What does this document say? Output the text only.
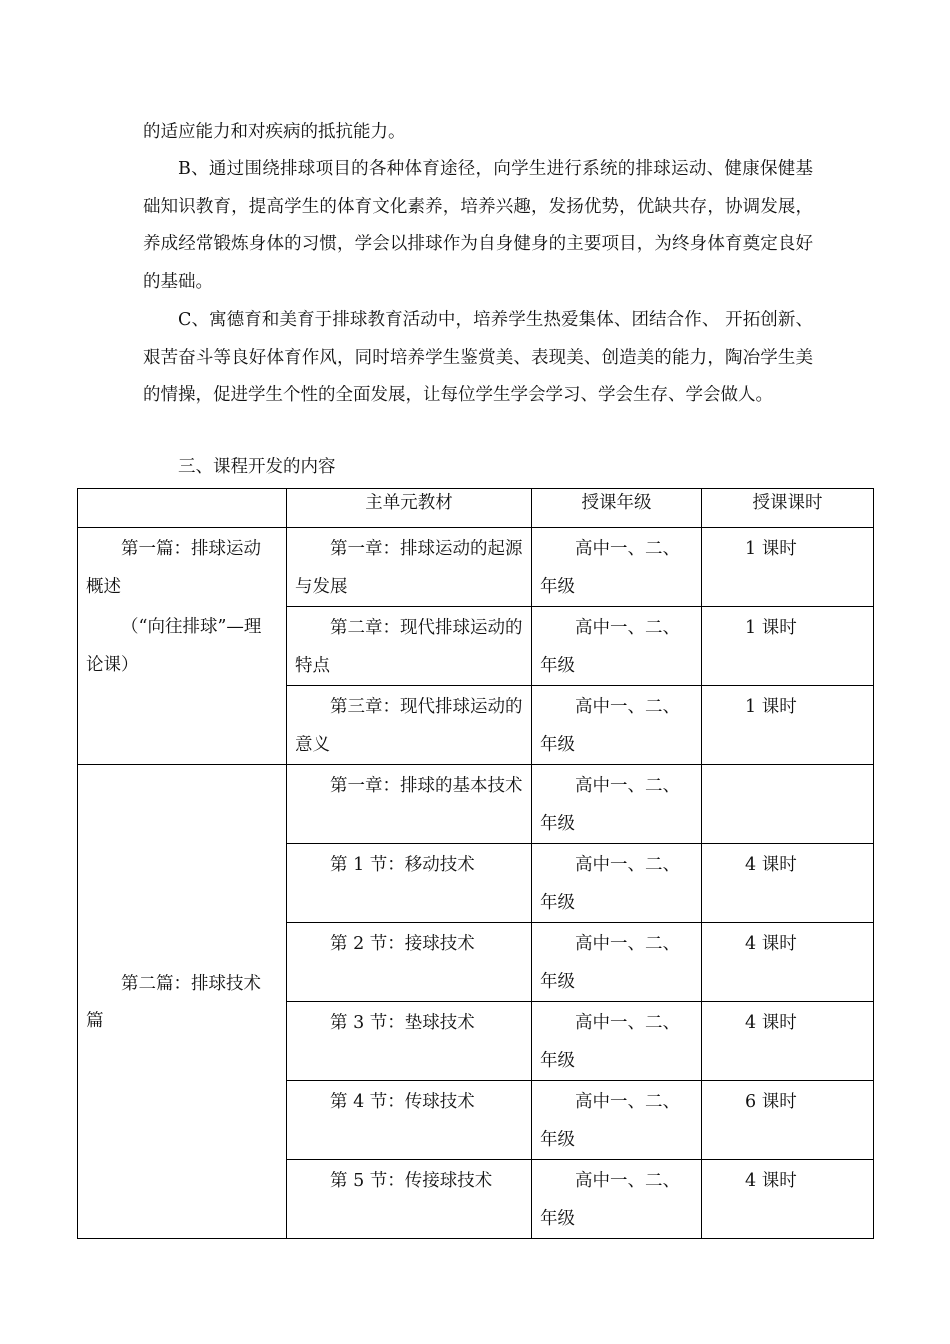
的适应能力和对疾病的抵抗能力。

B、通过围绕排球项目的各种体育途径，向学生进行系统的排球运动、健康保健基础知识教育，提高学生的体育文化素养，培养兴趣，发扬优势，优缺共存，协调发展，养成经常锻炼身体的习惯，学会以排球作为自身健身的主要项目，为终身体育奠定良好的基础。

C、寓德育和美育于排球教育活动中，培养学生热爱集体、团结合作、 开拓创新、艰苦奋斗等良好体育作风，同时培养学生鉴赏美、表现美、创造美的能力，陶冶学生美的情操，促进学生个性的全面发展，让每位学生学会学习、学会生存、学会做人。

三、课程开发的内容

	主单元教材	授课年级	授课课时

第一篇：排球运动概述
（“向往排球”—理论课）	第一章：排球运动的起源与发展	高中一、二、年级	1 课时

	第二章：现代排球运动的特点	高中一、二、年级	1 课时

	第三章：现代排球运动的意义	高中一、二、年级	1 课时

第二篇：排球技术篇	第一章：排球的基本技术	高中一、二、年级	

	第 1 节：移动技术	高中一、二、年级	4 课时

	第 2 节：接球技术	高中一、二、年级	4 课时

	第 3 节：垫球技术	高中一、二、年级	4 课时

	第 4 节：传球技术	高中一、二、年级	6 课时

	第 5 节：传接球技术	高中一、二、年级	4 课时
